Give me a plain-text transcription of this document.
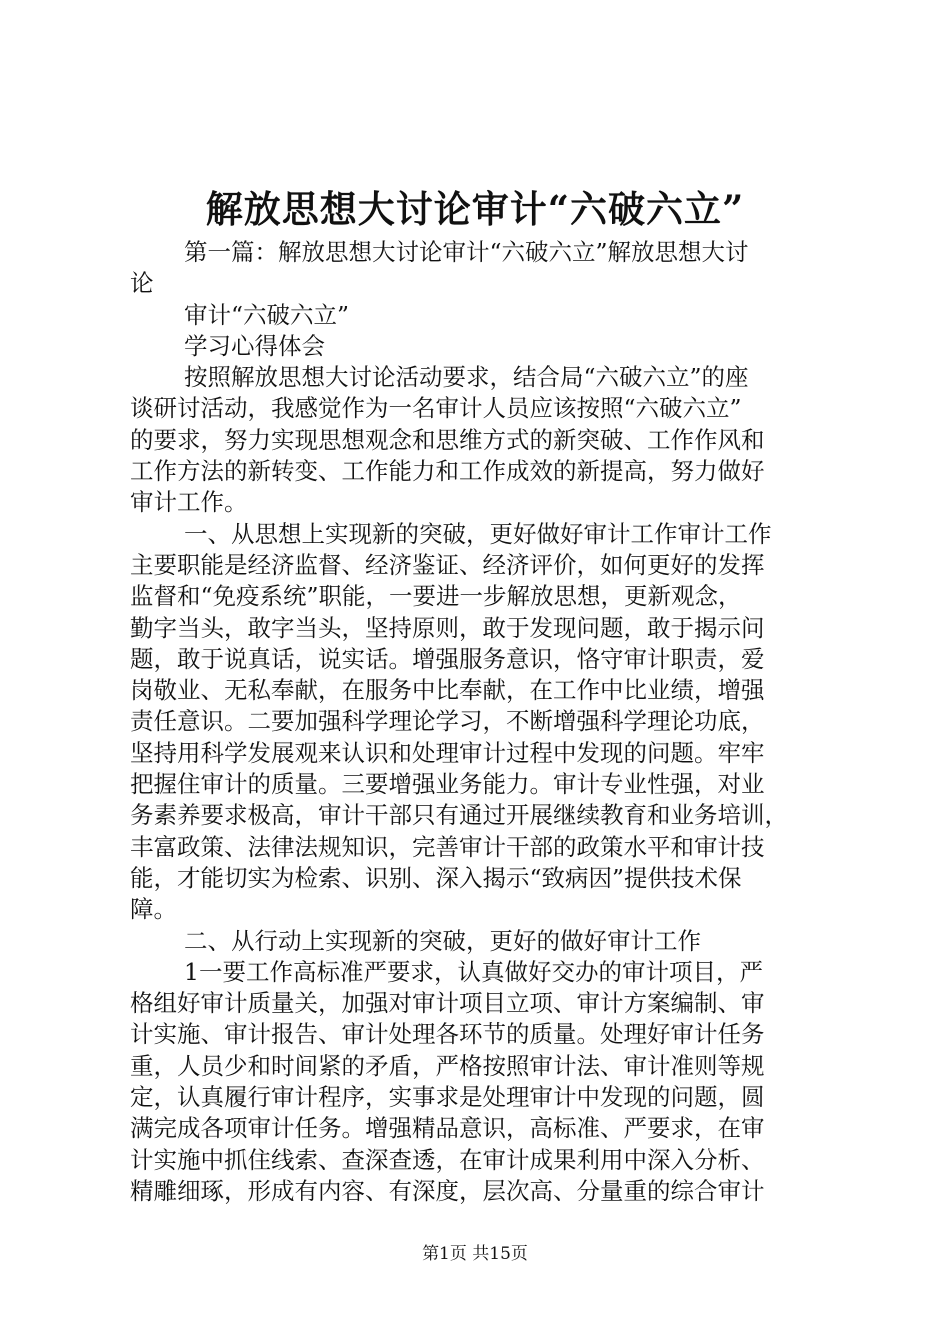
解放思想大讨论审计“六破六立”
第一篇：解放思想大讨论审计“六破六立”解放思想大讨
论
审计“六破六立”
学习心得体会
按照解放思想大讨论活动要求，结合局“六破六立”的座
谈研讨活动，我感觉作为一名审计人员应该按照“六破六立”
的要求，努力实现思想观念和思维方式的新突破、工作作风和
工作方法的新转变、工作能力和工作成效的新提高，努力做好
审计工作。
一、从思想上实现新的突破，更好做好审计工作审计工作
主要职能是经济监督、经济鉴证、经济评价，如何更好的发挥
监督和“免疫系统”职能，一要进一步解放思想，更新观念，
勤字当头，敢字当头，坚持原则，敢于发现问题，敢于揭示问
题，敢于说真话，说实话。增强服务意识，恪守审计职责，爱
岗敬业、无私奉献，在服务中比奉献，在工作中比业绩，增强
责任意识。二要加强科学理论学习，不断增强科学理论功底，
坚持用科学发展观来认识和处理审计过程中发现的问题。牢牢
把握住审计的质量。三要增强业务能力。审计专业性强，对业
务素养要求极高，审计干部只有通过开展继续教育和业务培训，
丰富政策、法律法规知识，完善审计干部的政策水平和审计技
能，才能切实为检索、识别、深入揭示“致病因”提供技术保
障。
二、从行动上实现新的突破，更好的做好审计工作
1一要工作高标准严要求，认真做好交办的审计项目，严
格组好审计质量关，加强对审计项目立项、审计方案编制、审
计实施、审计报告、审计处理各环节的质量。处理好审计任务
重，人员少和时间紧的矛盾，严格按照审计法、审计准则等规
定，认真履行审计程序，实事求是处理审计中发现的问题，圆
满完成各项审计任务。增强精品意识，高标准、严要求，在审
计实施中抓住线索、查深查透，在审计成果利用中深入分析、
精雕细琢，形成有内容、有深度，层次高、分量重的综合审计
第1页 共15页
